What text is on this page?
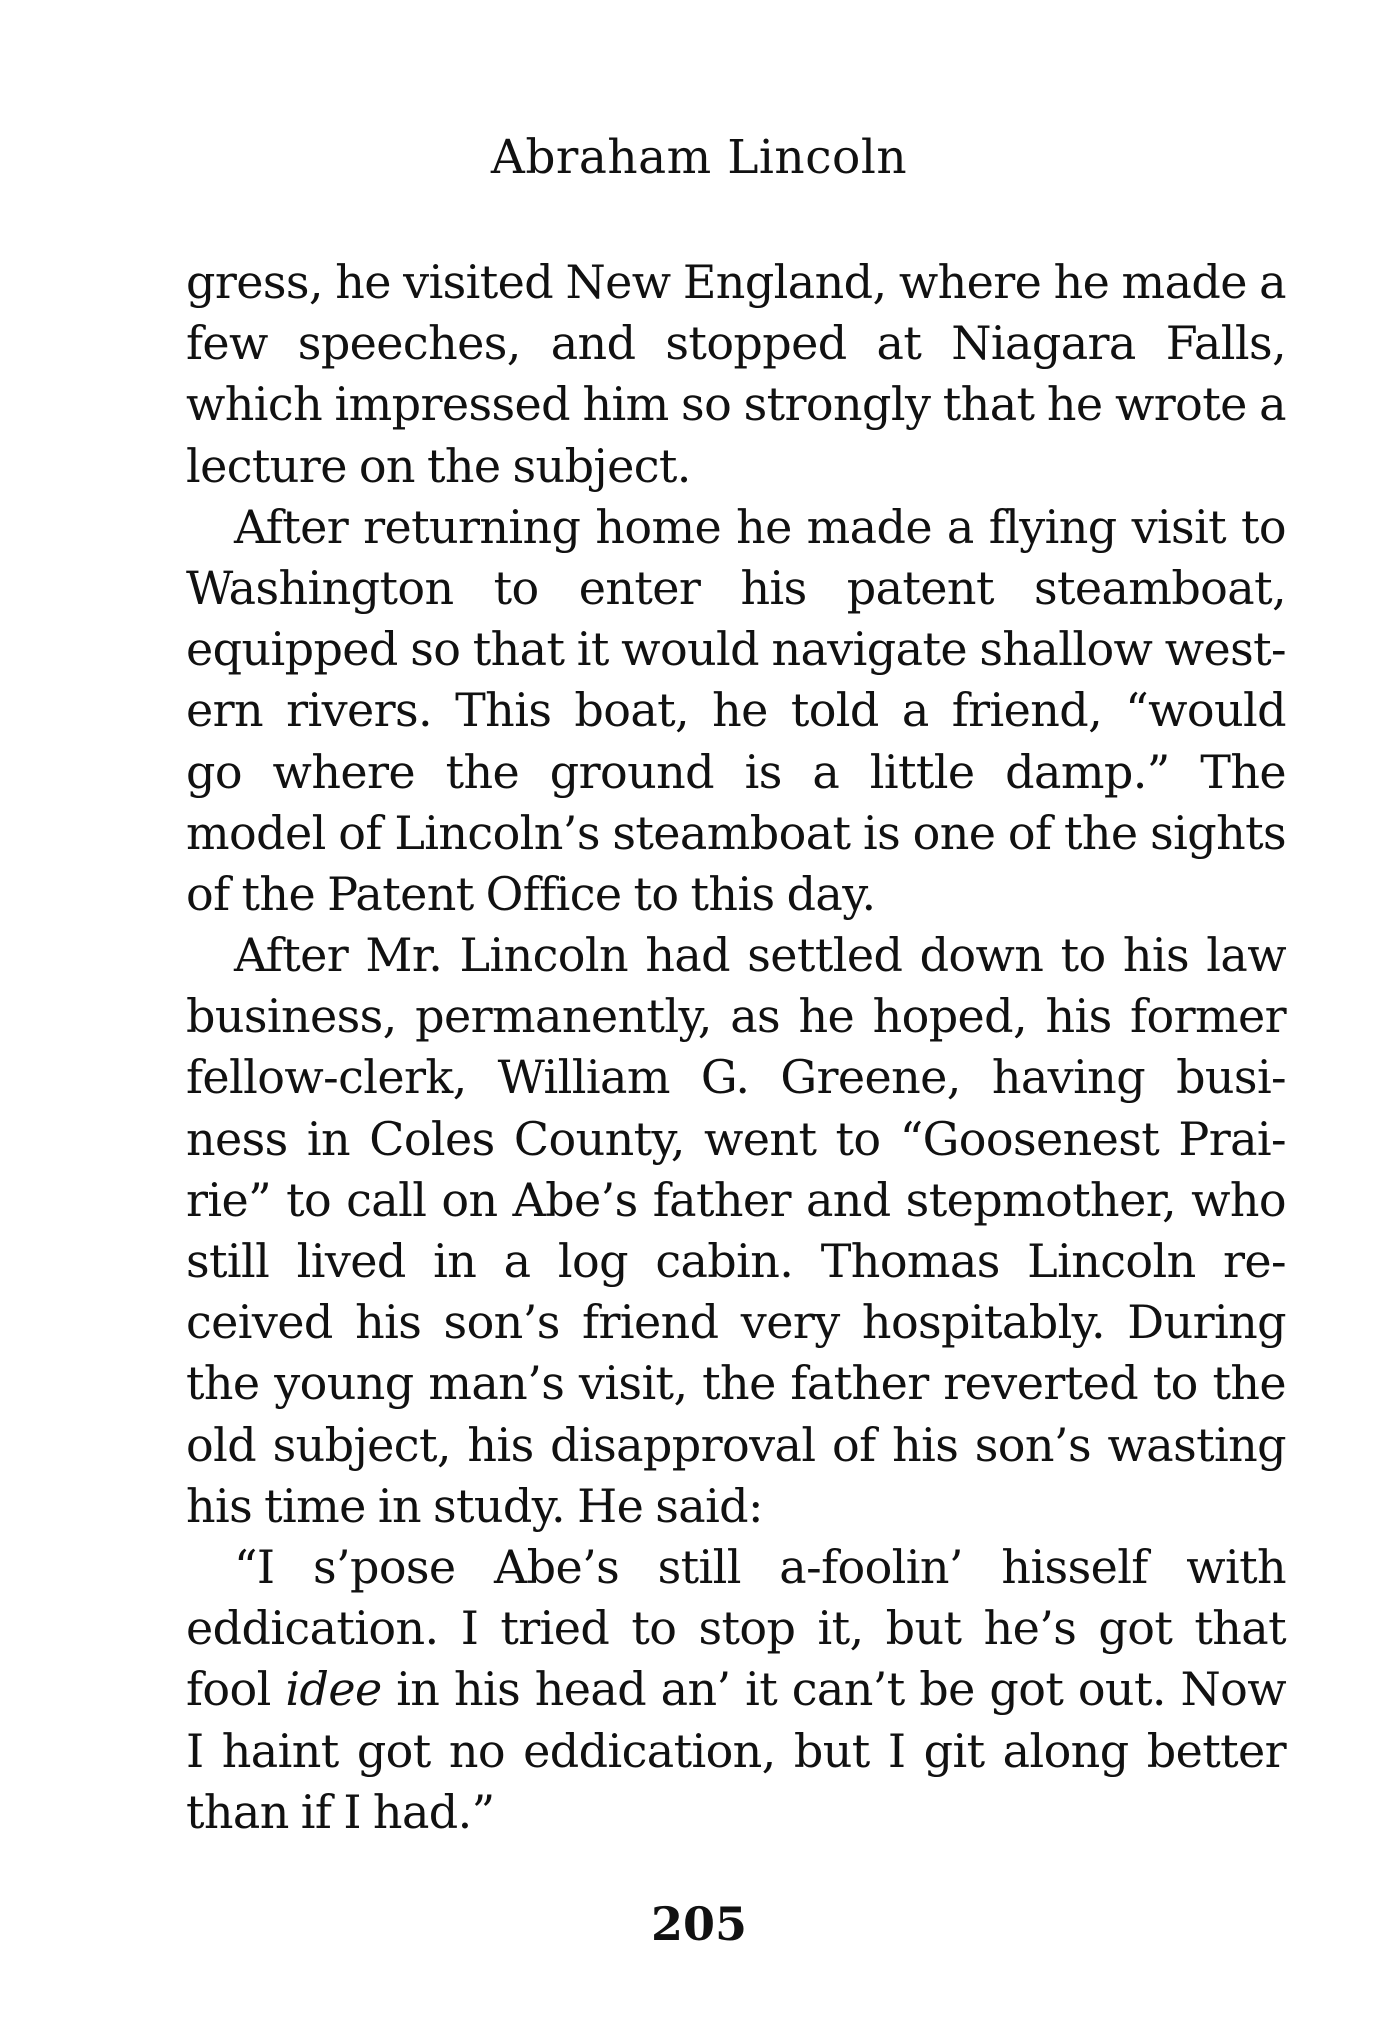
Abraham Lincoln
gress, he visited New England, where he made a
few speeches, and stopped at Niagara Falls,
which impressed him so strongly that he wrote a
lecture on the subject.
After returning home he made a flying visit to
Washington to enter his patent steamboat,
equipped so that it would navigate shallow west-
ern rivers. This boat, he told a friend, “would
go where the ground is a little damp.” The
model of Lincoln’s steamboat is one of the sights
of the Patent Office to this day.
After Mr. Lincoln had settled down to his law
business, permanently, as he hoped, his former
fellow-clerk, William G. Greene, having busi-
ness in Coles County, went to “Goosenest Prai-
rie” to call on Abe’s father and stepmother, who
still lived in a log cabin. Thomas Lincoln re-
ceived his son’s friend very hospitably. During
the young man’s visit, the father reverted to the
old subject, his disapproval of his son’s wasting
his time in study. He said:
“I s’pose Abe’s still a-foolin’ hisself with
eddication. I tried to stop it, but he’s got that
fool idee in his head an’ it can’t be got out. Now
I haint got no eddication, but I git along better
than if I had.”
205
